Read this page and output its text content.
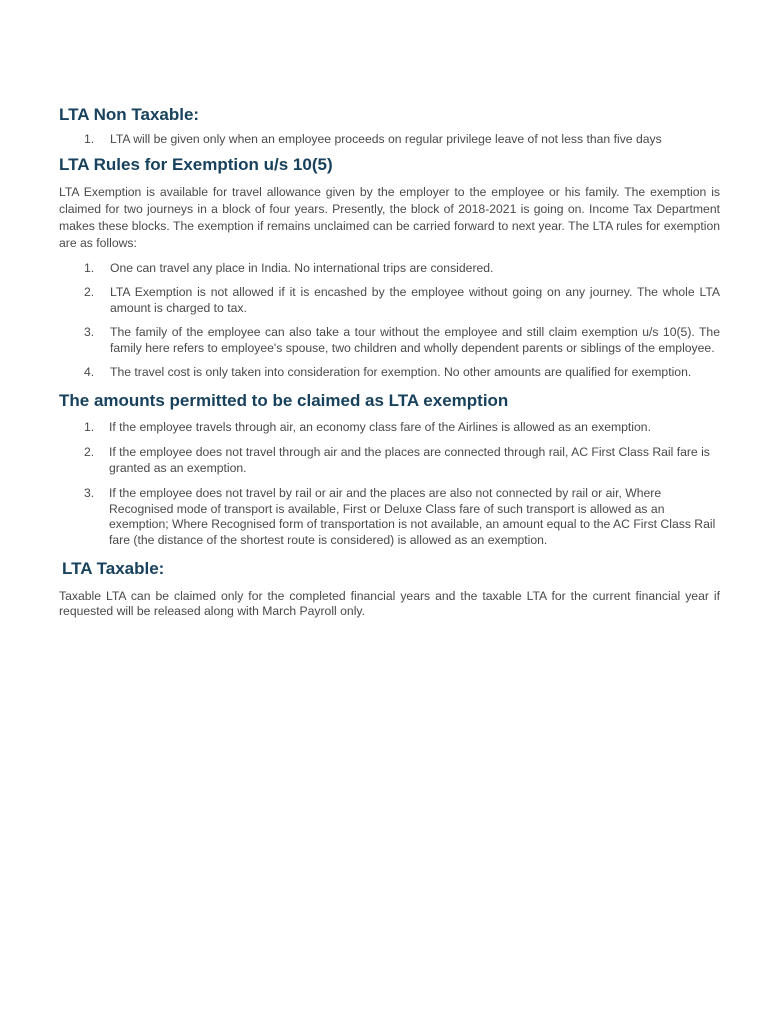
LTA Non Taxable:
1. LTA will be given only when an employee proceeds on regular privilege leave of not less than five days
LTA Rules for Exemption u/s 10(5)

LTA Exemption is available for travel allowance given by the employer to the employee or his family. The exemption is claimed for two journeys in a block of four years. Presently, the block of 2018-2021 is going on. Income Tax Department makes these blocks. The exemption if remains unclaimed can be carried forward to next year. The LTA rules for exemption are as follows:

1. One can travel any place in India. No international trips are considered.
2. LTA Exemption is not allowed if it is encashed by the employee without going on any journey. The whole LTA amount is charged to tax.
3. The family of the employee can also take a tour without the employee and still claim exemption u/s 10(5). The family here refers to employee's spouse, two children and wholly dependent parents or siblings of the employee.
4. The travel cost is only taken into consideration for exemption. No other amounts are qualified for exemption.
The amounts permitted to be claimed as LTA exemption
1. If the employee travels through air, an economy class fare of the Airlines is allowed as an exemption.
2. If the employee does not travel through air and the places are connected through rail, AC First Class Rail fare is granted as an exemption.
3. If the employee does not travel by rail or air and the places are also not connected by rail or air, Where Recognised mode of transport is available, First or Deluxe Class fare of such transport is allowed as an exemption; Where Recognised form of transportation is not available, an amount equal to the AC First Class Rail fare (the distance of the shortest route is considered) is allowed as an exemption.
LTA Taxable:

Taxable LTA can be claimed only for the completed financial years and the taxable LTA for the current financial year if requested will be released along with March Payroll only.
